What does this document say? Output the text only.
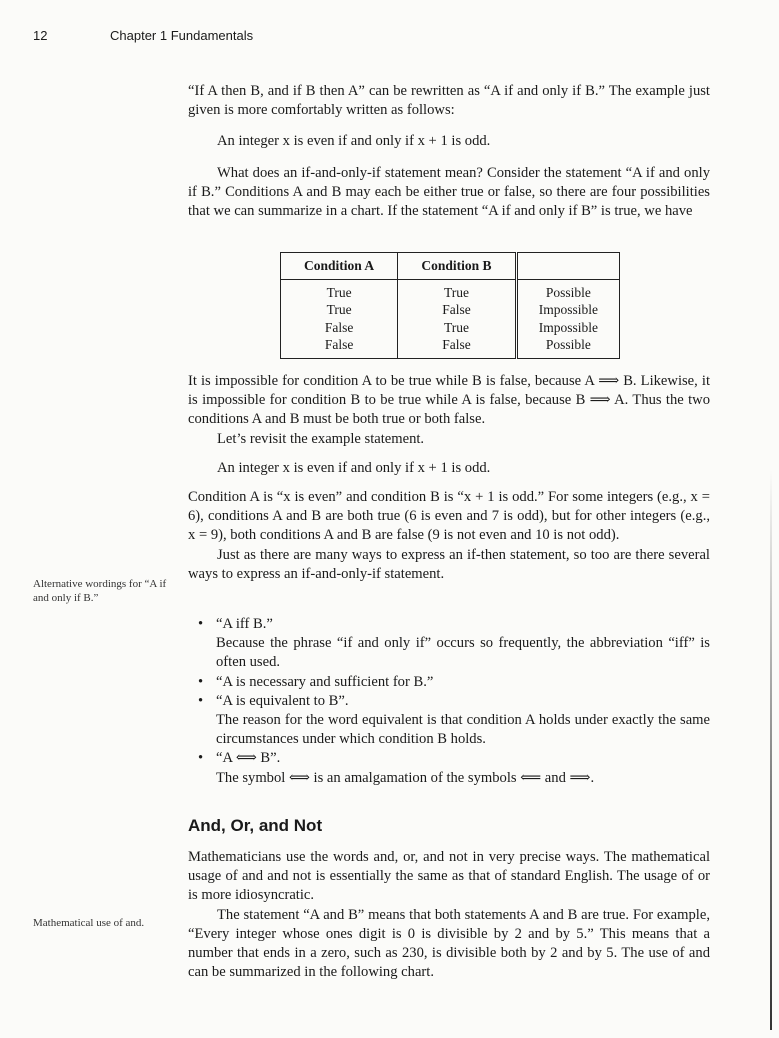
12	Chapter 1 Fundamentals

“If A then B, and if B then A” can be rewritten as “A if and only if B.” The example just given is more comfortably written as follows:

An integer x is even if and only if x + 1 is odd.

What does an if-and-only-if statement mean? Consider the statement “A if and only if B.” Conditions A and B may each be either true or false, so there are four possibilities that we can summarize in a chart. If the statement “A if and only if B” is true, we have

Condition A	Condition B	
True	True	Possible
True	False	Impossible
False	True	Impossible
False	False	Possible

It is impossible for condition A to be true while B is false, because A ⟹ B. Likewise, it is impossible for condition B to be true while A is false, because B ⟹ A. Thus the two conditions A and B must be both true or both false.

Let’s revisit the example statement.

An integer x is even if and only if x + 1 is odd.

Condition A is “x is even” and condition B is “x + 1 is odd.” For some integers (e.g., x = 6), conditions A and B are both true (6 is even and 7 is odd), but for other integers (e.g., x = 9), both conditions A and B are false (9 is not even and 10 is not odd).

Just as there are many ways to express an if-then statement, so too are there several ways to express an if-and-only-if statement.

Alternative wordings for “A if and only if B.”
• “A iff B.”
Because the phrase “if and only if” occurs so frequently, the abbreviation “iff” is often used.
• “A is necessary and sufficient for B.”
• “A is equivalent to B”.
The reason for the word equivalent is that condition A holds under exactly the same circumstances under which condition B holds.
• “A ⟺ B”.
The symbol ⟺ is an amalgamation of the symbols ⟸ and ⟹.
And, Or, and Not

Mathematicians use the words and, or, and not in very precise ways. The mathematical usage of and and not is essentially the same as that of standard English. The usage of or is more idiosyncratic.

The statement “A and B” means that both statements A and B are true. For example, “Every integer whose ones digit is 0 is divisible by 2 and by 5.” This means that a number that ends in a zero, such as 230, is divisible both by 2 and by 5. The use of and can be summarized in the following chart.

Mathematical use of and.
